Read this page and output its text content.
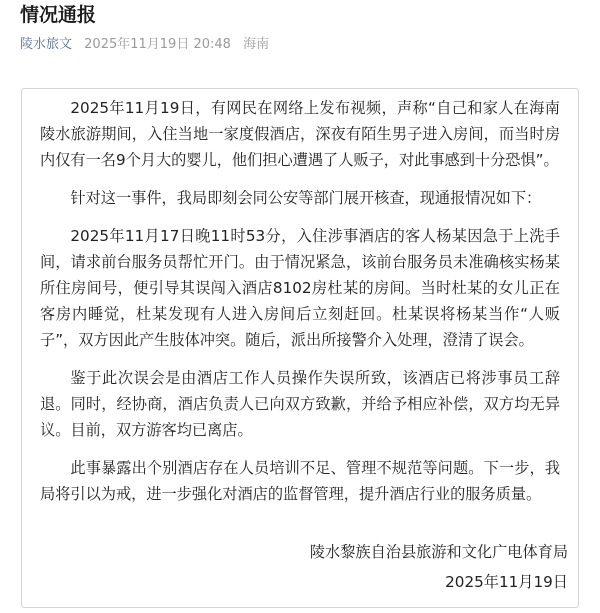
情况通报
陵水旅文 2025年11月19日 20:48 海南

2025年11月19日，有网民在网络上发布视频，声称“自己和家人在海南陵水旅游期间，入住当地一家度假酒店，深夜有陌生男子进入房间，而当时房内仅有一名9个月大的婴儿，他们担心遭遇了人贩子，对此事感到十分恐惧”。

针对这一事件，我局即刻会同公安等部门展开核查，现通报情况如下：

2025年11月17日晚11时53分，入住涉事酒店的客人杨某因急于上洗手间，请求前台服务员帮忙开门。由于情况紧急，该前台服务员未准确核实杨某所住房间号，便引导其误闯入酒店8102房杜某的房间。当时杜某的女儿正在客房内睡觉，杜某发现有人进入房间后立刻赶回。杜某误将杨某当作“人贩子”，双方因此产生肢体冲突。随后，派出所接警介入处理，澄清了误会。

鉴于此次误会是由酒店工作人员操作失误所致，该酒店已将涉事员工辞退。同时，经协商，酒店负责人已向双方致歉，并给予相应补偿，双方均无异议。目前，双方游客均已离店。

此事暴露出个别酒店存在人员培训不足、管理不规范等问题。下一步，我局将引以为戒，进一步强化对酒店的监督管理，提升酒店行业的服务质量。

陵水黎族自治县旅游和文化广电体育局
2025年11月19日
